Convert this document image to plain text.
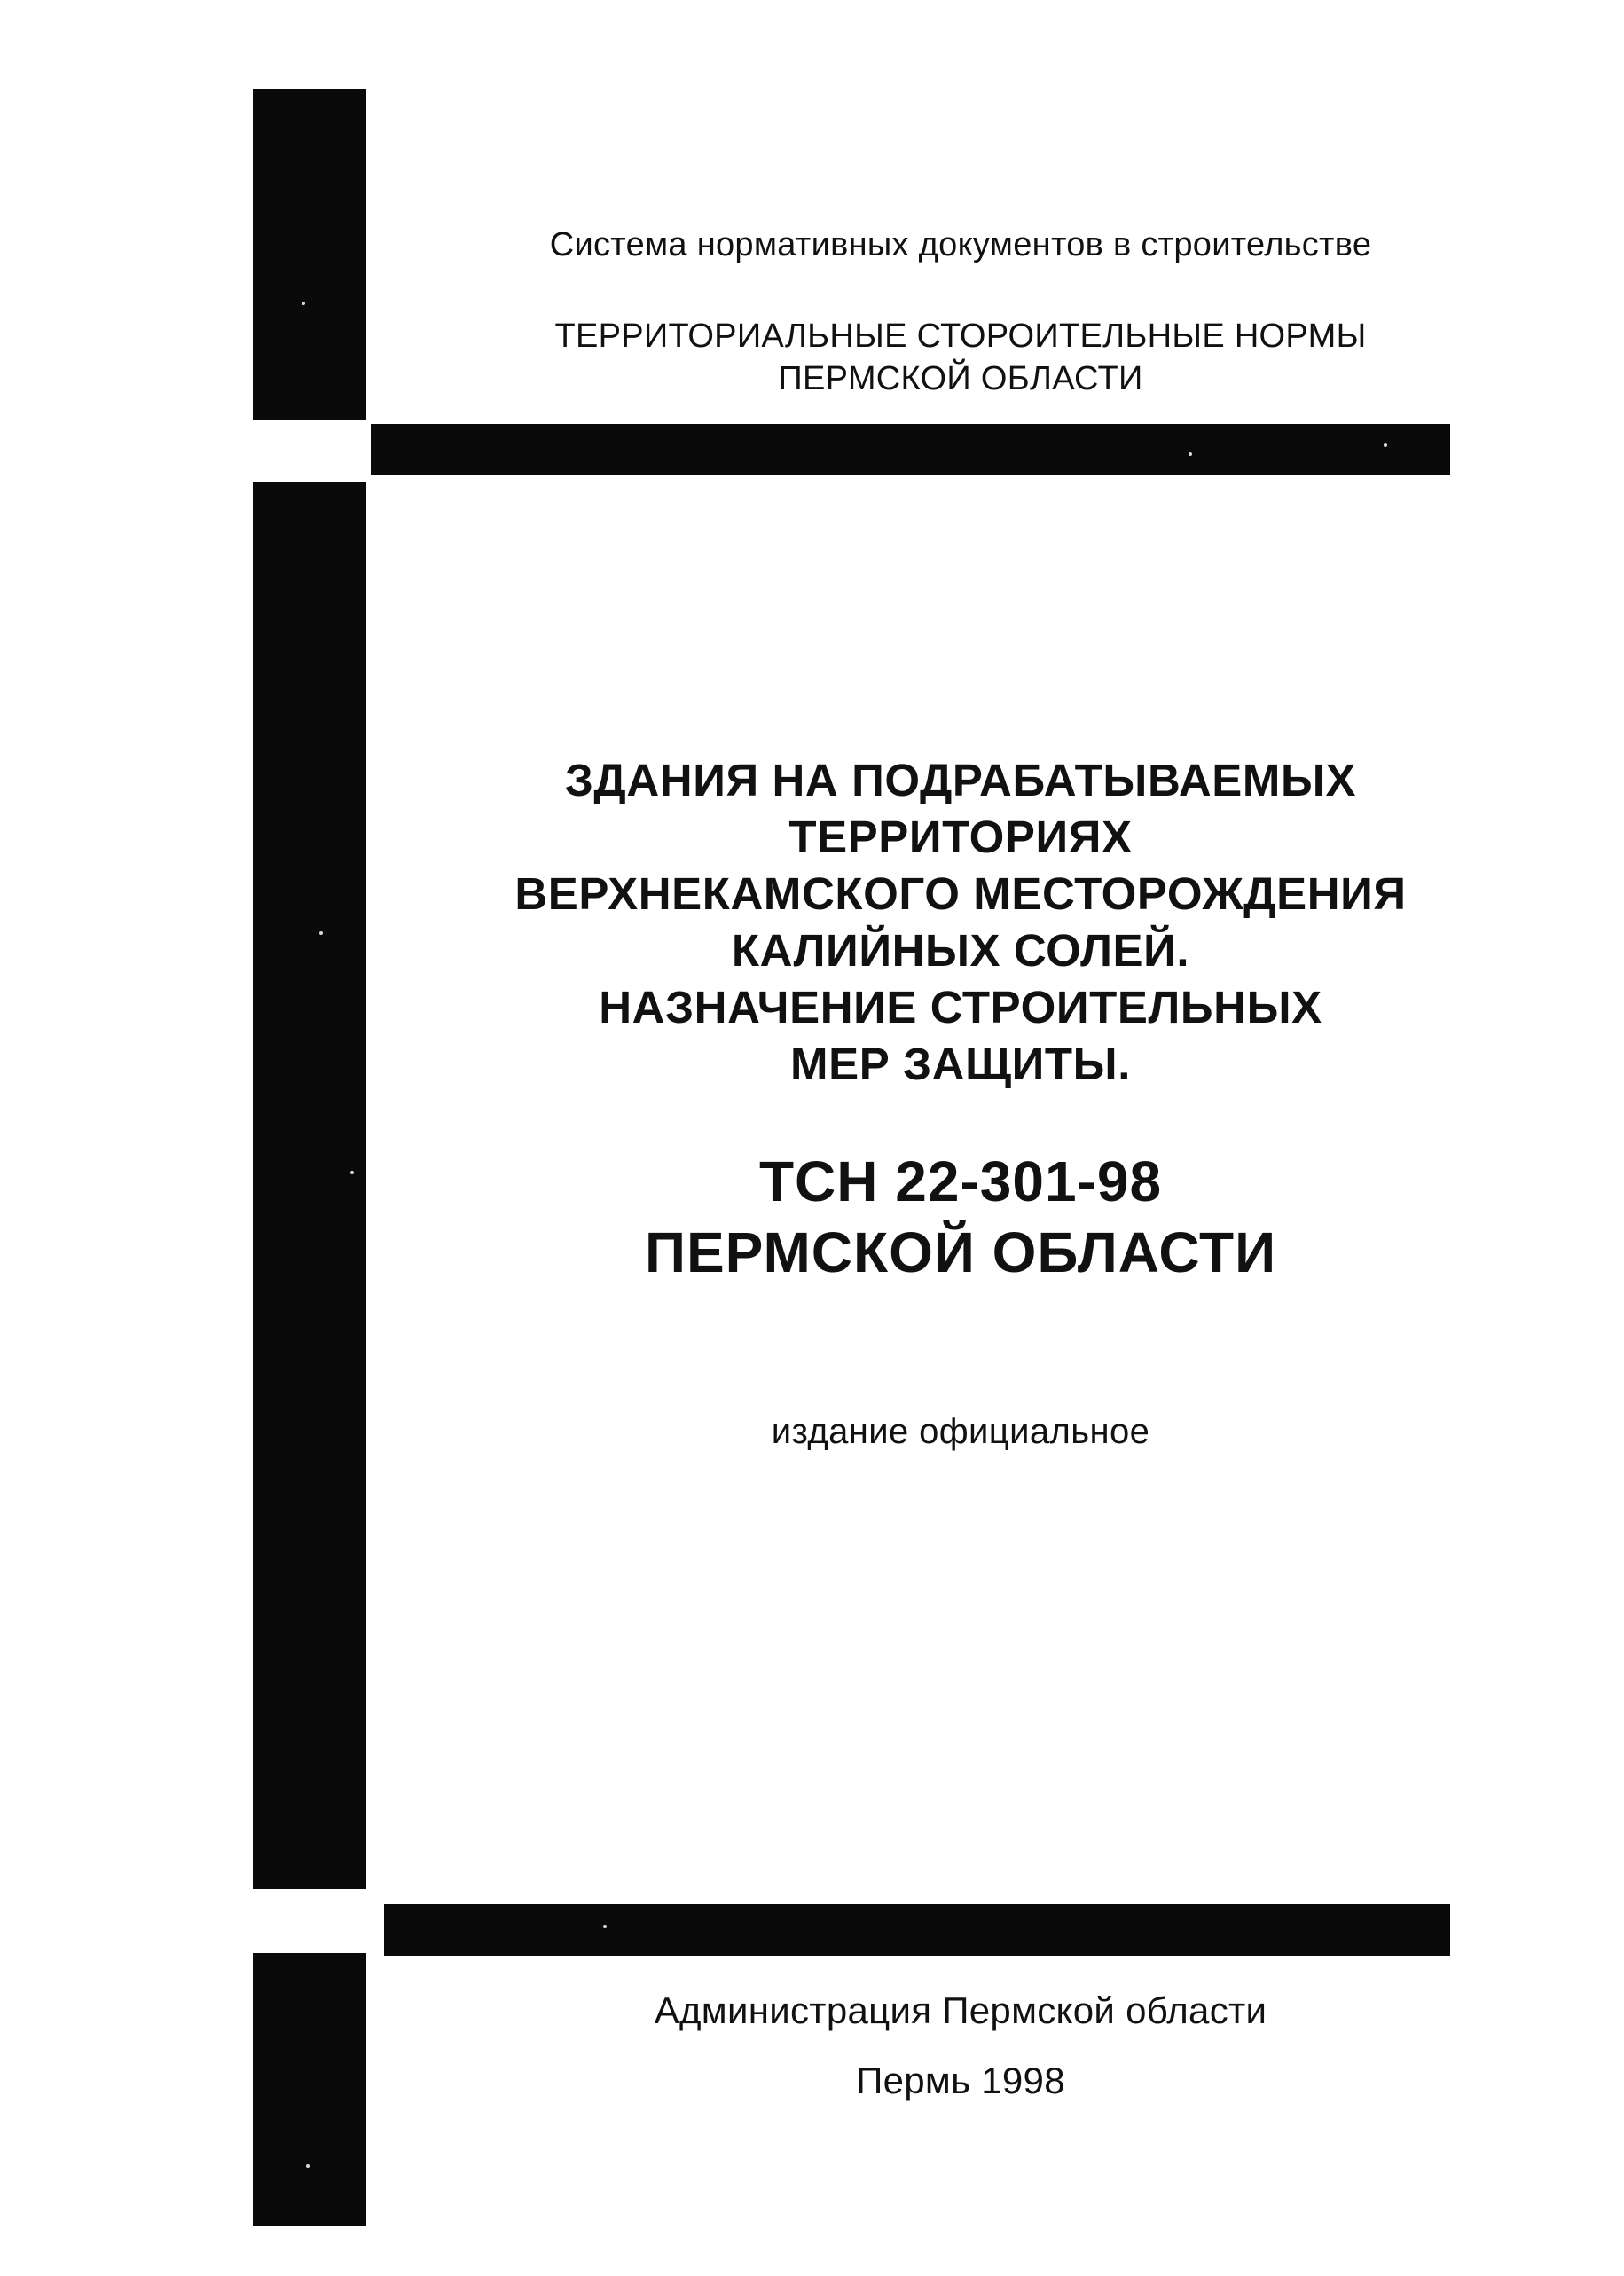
Система нормативных документов в строительстве
ТЕРРИТОРИАЛЬНЫЕ СТОРОИТЕЛЬНЫЕ НОРМЫ
ПЕРМСКОЙ ОБЛАСТИ
ЗДАНИЯ НА ПОДРАБАТЫВАЕМЫХ
ТЕРРИТОРИЯХ
ВЕРХНЕКАМСКОГО МЕСТОРОЖДЕНИЯ
КАЛИЙНЫХ СОЛЕЙ.
НАЗНАЧЕНИЕ СТРОИТЕЛЬНЫХ
МЕР ЗАЩИТЫ.
ТСН 22-301-98
ПЕРМСКОЙ ОБЛАСТИ
издание официальное
Администрация Пермской области
Пермь 1998
